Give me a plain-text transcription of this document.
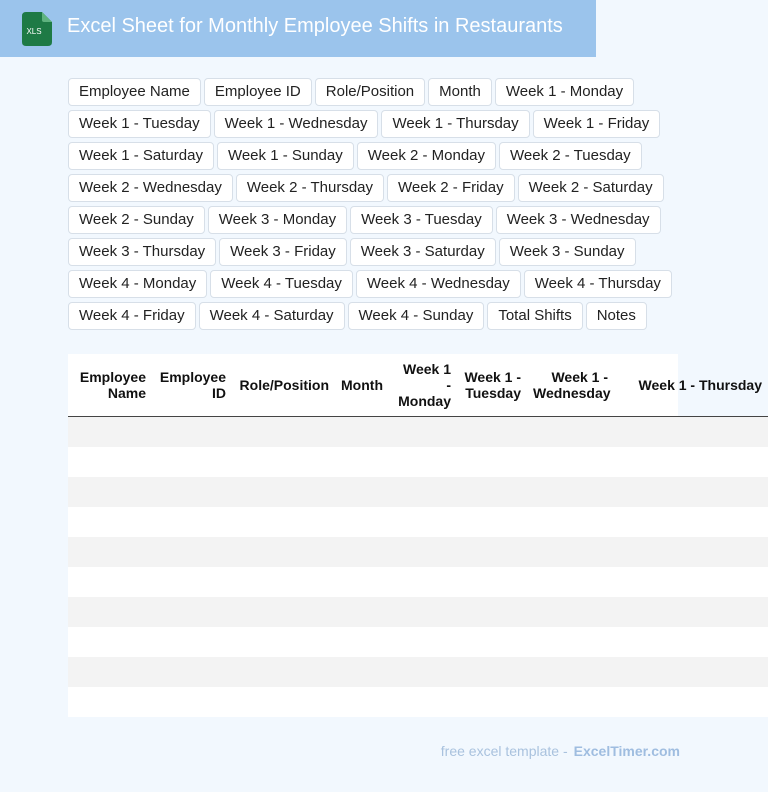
XLS Excel Sheet for Monthly Employee Shifts in Restaurants
Employee Name	Employee ID	Role/Position	Month	Week 1 - Monday
Week 1 - Tuesday	Week 1 - Wednesday	Week 1 - Thursday	Week 1 - Friday
Week 1 - Saturday	Week 1 - Sunday	Week 2 - Monday	Week 2 - Tuesday
Week 2 - Wednesday	Week 2 - Thursday	Week 2 - Friday	Week 2 - Saturday
Week 2 - Sunday	Week 3 - Monday	Week 3 - Tuesday	Week 3 - Wednesday
Week 3 - Thursday	Week 3 - Friday	Week 3 - Saturday	Week 3 - Sunday
Week 4 - Monday	Week 4 - Tuesday	Week 4 - Wednesday	Week 4 - Thursday
Week 4 - Friday	Week 4 - Saturday	Week 4 - Sunday	Total Shifts	Notes
Employee Name	Employee ID	Role/Position	Month	Week 1 - Monday	Week 1 - Tuesday	Week 1 - Wednesday	Week 1 - Thursday

free excel template - ExcelTimer.com
